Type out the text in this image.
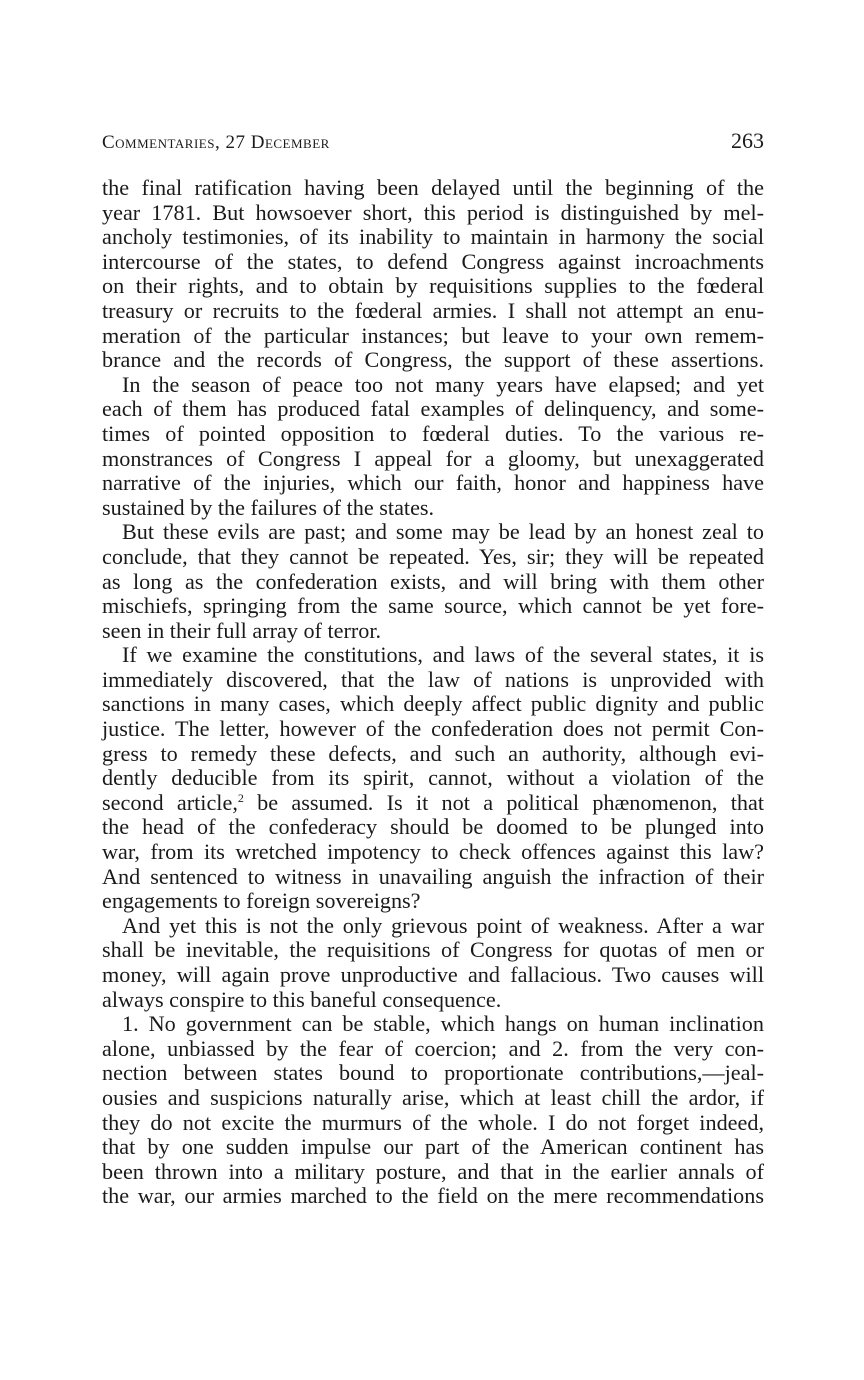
Commentaries, 27 December	263
the final ratification having been delayed until the beginning of the
year 1781. But howsoever short, this period is distinguished by mel-
ancholy testimonies, of its inability to maintain in harmony the social
intercourse of the states, to defend Congress against incroachments
on their rights, and to obtain by requisitions supplies to the fœderal
treasury or recruits to the fœderal armies. I shall not attempt an enu-
meration of the particular instances; but leave to your own remem-
brance and the records of Congress, the support of these assertions.
In the season of peace too not many years have elapsed; and yet
each of them has produced fatal examples of delinquency, and some-
times of pointed opposition to fœderal duties. To the various re-
monstrances of Congress I appeal for a gloomy, but unexaggerated
narrative of the injuries, which our faith, honor and happiness have
sustained by the failures of the states.
But these evils are past; and some may be lead by an honest zeal to
conclude, that they cannot be repeated. Yes, sir; they will be repeated
as long as the confederation exists, and will bring with them other
mischiefs, springing from the same source, which cannot be yet fore-
seen in their full array of terror.
If we examine the constitutions, and laws of the several states, it is
immediately discovered, that the law of nations is unprovided with
sanctions in many cases, which deeply affect public dignity and public
justice. The letter, however of the confederation does not permit Con-
gress to remedy these defects, and such an authority, although evi-
dently deducible from its spirit, cannot, without a violation of the
second article,$^2$ be assumed. Is it not a political phænomenon, that
the head of the confederacy should be doomed to be plunged into
war, from its wretched impotency to check offences against this law?
And sentenced to witness in unavailing anguish the infraction of their
engagements to foreign sovereigns?
And yet this is not the only grievous point of weakness. After a war
shall be inevitable, the requisitions of Congress for quotas of men or
money, will again prove unproductive and fallacious. Two causes will
always conspire to this baneful consequence.
1. No government can be stable, which hangs on human inclination
alone, unbiassed by the fear of coercion; and 2. from the very con-
nection between states bound to proportionate contributions,—jeal-
ousies and suspicions naturally arise, which at least chill the ardor, if
they do not excite the murmurs of the whole. I do not forget indeed,
that by one sudden impulse our part of the American continent has
been thrown into a military posture, and that in the earlier annals of
the war, our armies marched to the field on the mere recommendations
